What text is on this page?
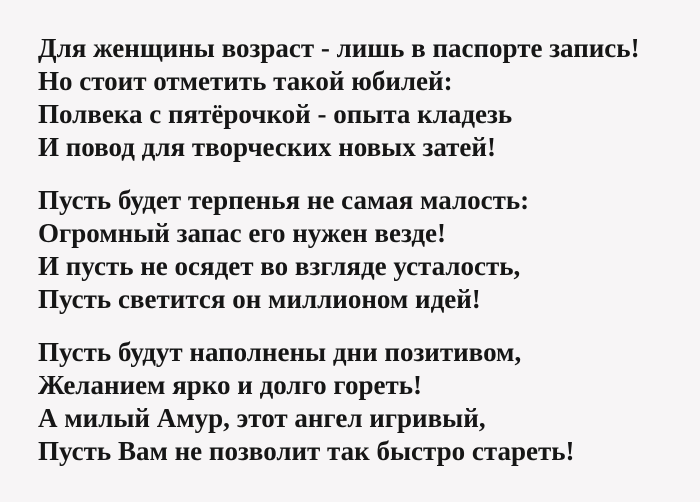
Для женщины возраст - лишь в паспорте запись!
Но стоит отметить такой юбилей:
Полвека с пятёрочкой - опыта кладезь
И повод для творческих новых затей!
Пусть будет терпенья не самая малость:
Огромный запас его нужен везде!
И пусть не осядет во взгляде усталость,
Пусть светится он миллионом идей!
Пусть будут наполнены дни позитивом,
Желанием ярко и долго гореть!
А милый Амур, этот ангел игривый,
Пусть Вам не позволит так быстро стареть!
